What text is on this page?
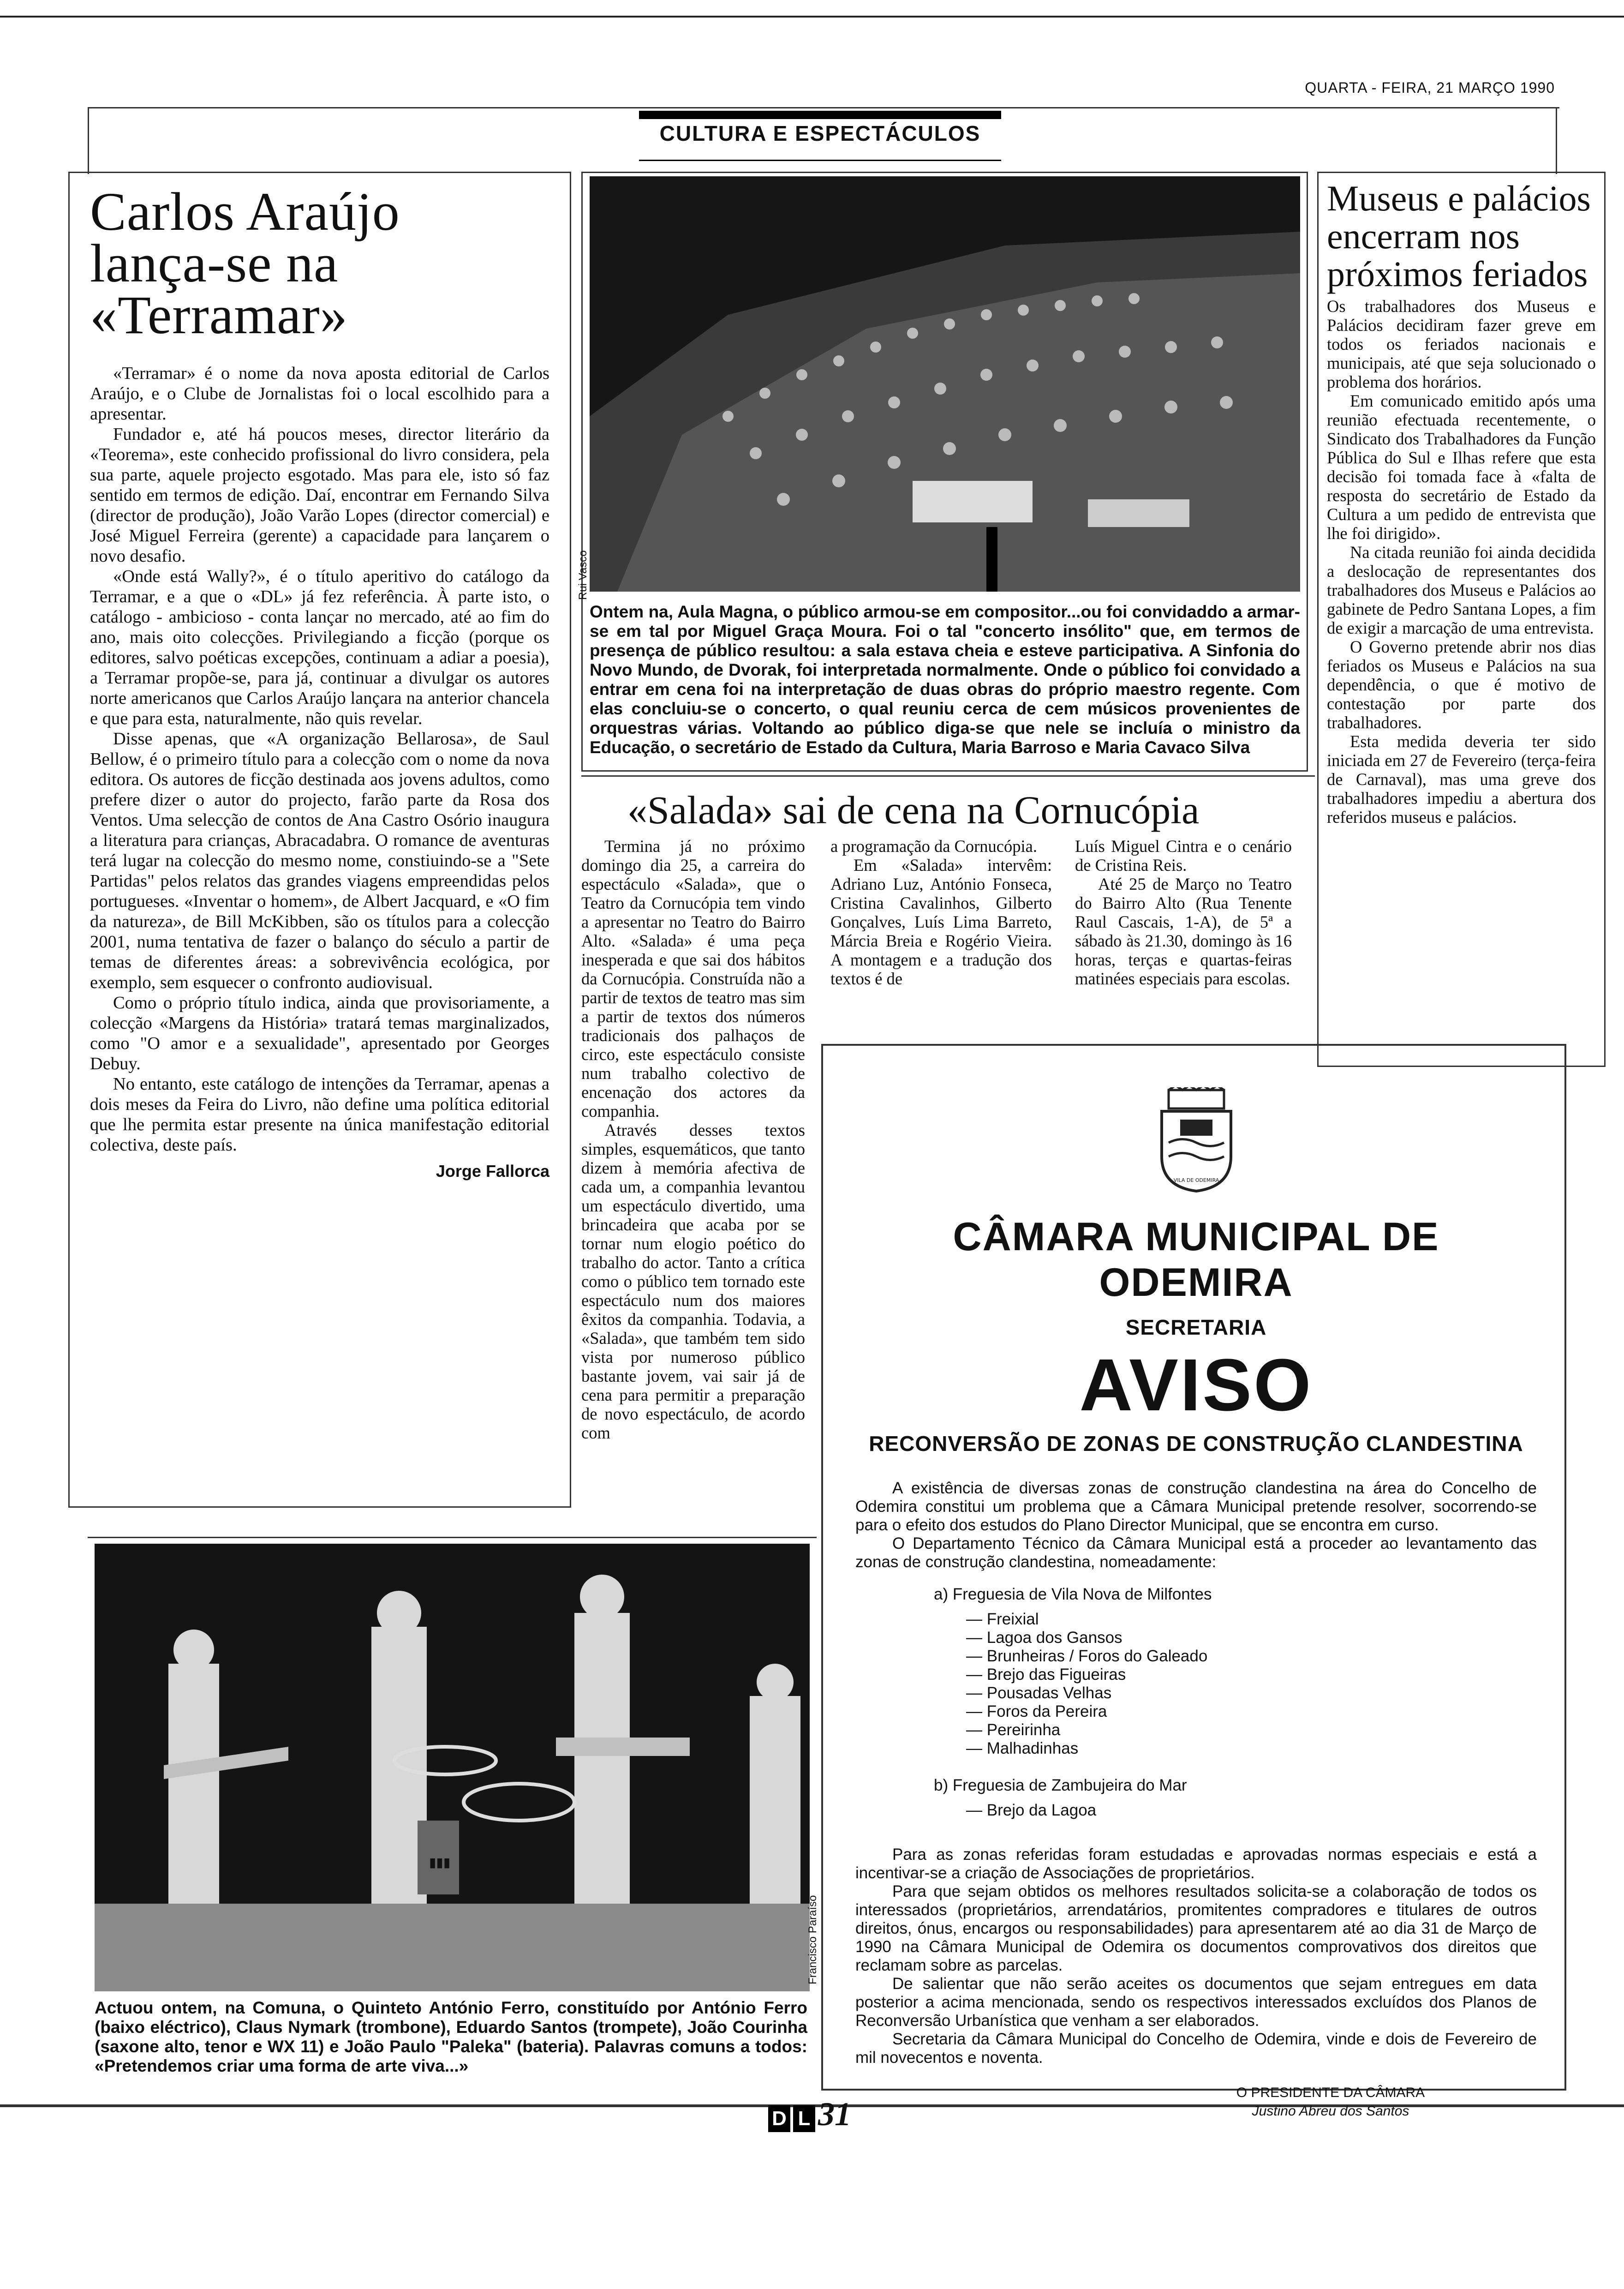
QUARTA - FEIRA, 21 MARÇO 1990
CULTURA E ESPECTÁCULOS
Carlos Araújo lança-se na «Terramar»

«Terramar» é o nome da nova aposta editorial de Carlos Araújo, e o Clube de Jornalistas foi o local escolhido para a apresentar.

Fundador e, até há poucos meses, director literário da «Teorema», este conhecido profissional do livro considera, pela sua parte, aquele projecto esgotado. Mas para ele, isto só faz sentido em termos de edição. Daí, encontrar em Fernando Silva (director de produção), João Varão Lopes (director comercial) e José Miguel Ferreira (gerente) a capacidade para lançarem o novo desafio.

«Onde está Wally?», é o título aperitivo do catálogo da Terramar, e a que o «DL» já fez referência. À parte isto, o catálogo - ambicioso - conta lançar no mercado, até ao fim do ano, mais oito colecções. Privilegiando a ficção (porque os editores, salvo poéticas excepções, continuam a adiar a poesia), a Terramar propõe-se, para já, continuar a divulgar os autores norte americanos que Carlos Araújo lançara na anterior chancela e que para esta, naturalmente, não quis revelar.

Disse apenas, que «A organização Bellarosa», de Saul Bellow, é o primeiro título para a colecção com o nome da nova editora. Os autores de ficção destinada aos jovens adultos, como prefere dizer o autor do projecto, farão parte da Rosa dos Ventos. Uma selecção de contos de Ana Castro Osório inaugura a literatura para crianças, Abracadabra. O romance de aventuras terá lugar na colecção do mesmo nome, constiuindo-se a "Sete Partidas" pelos relatos das grandes viagens empreendidas pelos portugueses. «Inventar o homem», de Albert Jacquard, e «O fim da natureza», de Bill McKibben, são os títulos para a colecção 2001, numa tentativa de fazer o balanço do século a partir de temas de diferentes áreas: a sobrevivência ecológica, por exemplo, sem esquecer o confronto audiovisual.

Como o próprio título indica, ainda que provisoriamente, a colecção «Margens da História» tratará temas marginalizados, como "O amor e a sexualidade", apresentado por Georges Debuy.

No entanto, este catálogo de intenções da Terramar, apenas a dois meses da Feira do Livro, não define uma política editorial que lhe permita estar presente na única manifestação editorial colectiva, deste país.

Jorge Fallorca
Rui Vasco
Ontem na, Aula Magna, o público armou-se em compositor...ou foi convidaddo a armar-se em tal por Miguel Graça Moura. Foi o tal "concerto insólito" que, em termos de presença de público resultou: a sala estava cheia e esteve participativa. A Sinfonia do Novo Mundo, de Dvorak, foi interpretada normalmente. Onde o público foi convidado a entrar em cena foi na interpretação de duas obras do próprio maestro regente. Com elas concluiu-se o concerto, o qual reuniu cerca de cem músicos provenientes de orquestras várias. Voltando ao público diga-se que nele se incluía o ministro da Educação, o secretário de Estado da Cultura, Maria Barroso e Maria Cavaco Silva
Museus e palácios encerram nos próximos feriados

Os trabalhadores dos Museus e Palácios decidiram fazer greve em todos os feriados nacionais e municipais, até que seja solucionado o problema dos horários.

Em comunicado emitido após uma reunião efectuada recentemente, o Sindicato dos Trabalhadores da Função Pública do Sul e Ilhas refere que esta decisão foi tomada face à «falta de resposta do secretário de Estado da Cultura a um pedido de entrevista que lhe foi dirigido».

Na citada reunião foi ainda decidida a deslocação de representantes dos trabalhadores dos Museus e Palácios ao gabinete de Pedro Santana Lopes, a fim de exigir a marcação de uma entrevista.

O Governo pretende abrir nos dias feriados os Museus e Palácios na sua dependência, o que é motivo de contestação por parte dos trabalhadores.

Esta medida deveria ter sido iniciada em 27 de Fevereiro (terça-feira de Carnaval), mas uma greve dos trabalhadores impediu a abertura dos referidos museus e palácios.

«Salada» sai de cena na Cornucópia

Termina já no próximo domingo dia 25, a carreira do espectáculo «Salada», que o Teatro da Cornucópia tem vindo a apresentar no Teatro do Bairro Alto. «Salada» é uma peça inesperada e que sai dos hábitos da Cornucópia. Construída não a partir de textos de teatro mas sim a partir de textos dos números tradicionais dos palhaços de circo, este espectáculo consiste num trabalho colectivo de encenação dos actores da companhia.

Através desses textos simples, esquemáticos, que tanto dizem à memória afectiva de cada um, a companhia levantou um espectáculo divertido, uma brincadeira que acaba por se tornar num elogio poético do trabalho do actor. Tanto a crítica como o público tem tornado este espectáculo num dos maiores êxitos da companhia. Todavia, a «Salada», que também tem sido vista por numeroso público bastante jovem, vai sair já de cena para permitir a preparação de novo espectáculo, de acordo com

a programação da Cornucópia.

Em «Salada» intervêm: Adriano Luz, António Fonseca, Cristina Cavalinhos, Gilberto Gonçalves, Luís Lima Barreto, Márcia Breia e Rogério Vieira. A montagem e a tradução dos textos é de

Luís Miguel Cintra e o cenário de Cristina Reis.

Até 25 de Março no Teatro do Bairro Alto (Rua Tenente Raul Cascais, 1-A), de 5ª a sábado às 21.30, domingo às 16 horas, terças e quartas-feiras matinées especiais para escolas.

▮▮▮
Francisco Paraíso
Actuou ontem, na Comuna, o Quinteto António Ferro, constituído por António Ferro (baixo eléctrico), Claus Nymark (trombone), Eduardo Santos (trompete), João Courinha (saxone alto, tenor e WX 11) e João Paulo "Paleka" (bateria). Palavras comuns a todos: «Pretendemos criar uma forma de arte viva...»
VILA DE ODEMIRA
CÂMARA MUNICIPAL DE ODEMIRA
SECRETARIA
AVISO
RECONVERSÃO DE ZONAS DE CONSTRUÇÃO CLANDESTINA

A existência de diversas zonas de construção clandestina na área do Concelho de Odemira constitui um problema que a Câmara Municipal pretende resolver, socorrendo-se para o efeito dos estudos do Plano Director Municipal, que se encontra em curso.

O Departamento Técnico da Câmara Municipal está a proceder ao levantamento das zonas de construção clandestina, nomeadamente:

a) Freguesia de Vila Nova de Milfontes
— Freixial
— Lagoa dos Gansos
— Brunheiras / Foros do Galeado
— Brejo das Figueiras
— Pousadas Velhas
— Foros da Pereira
— Pereirinha
— Malhadinhas
b) Freguesia de Zambujeira do Mar
— Brejo da Lagoa

Para as zonas referidas foram estudadas e aprovadas normas especiais e está a incentivar-se a criação de Associações de proprietários.

Para que sejam obtidos os melhores resultados solicita-se a colaboração de todos os interessados (proprietários, arrendatários, promitentes compradores e titulares de outros direitos, ónus, encargos ou responsabilidades) para apresentarem até ao dia 31 de Março de 1990 na Câmara Municipal de Odemira os documentos comprovativos dos direitos que reclamam sobre as parcelas.

De salientar que não serão aceites os documentos que sejam entregues em data posterior a acima mencionada, sendo os respectivos interessados excluídos dos Planos de Reconversão Urbanística que venham a ser elaborados.

Secretaria da Câmara Municipal do Concelho de Odemira, vinde e dois de Fevereiro de mil novecentos e noventa.

O PRESIDENTE DA CÂMARA
Justino Abreu dos Santos
D L 31
